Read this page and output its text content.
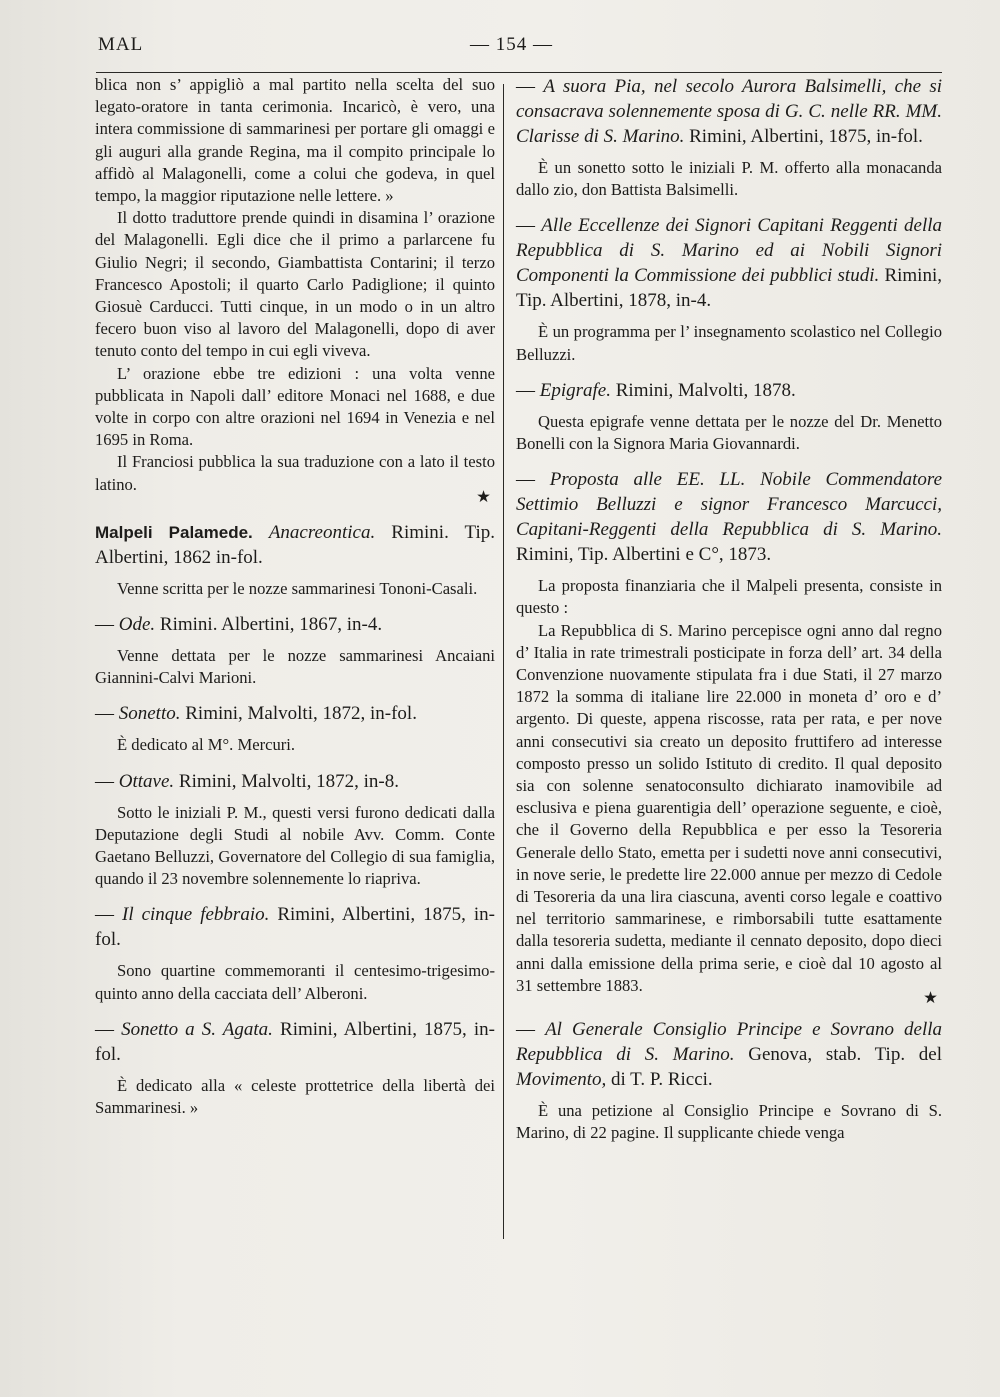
MAL	— 154 —

blica non s’ appigliò a mal partito nella scelta del suo legato-oratore in tanta cerimonia. Incaricò, è vero, una intera commissione di sammarinesi per portare gli omaggi e gli auguri alla grande Regina, ma il compito principale lo affidò al Malagonelli, come a colui che godeva, in quel tempo, la maggior riputazione nelle lettere. »

Il dotto traduttore prende quindi in disamina l’ orazione del Malagonelli. Egli dice che il primo a parlarcene fu Giulio Negri; il secondo, Giambattista Contarini; il terzo Francesco Apostoli; il quarto Carlo Padiglione; il quinto Giosuè Carducci. Tutti cinque, in un modo o in un altro fecero buon viso al lavoro del Malagonelli, dopo di aver tenuto conto del tempo in cui egli viveva.

L’ orazione ebbe tre edizioni : una volta venne pubblicata in Napoli dall’ editore Monaci nel 1688, e due volte in corpo con altre orazioni nel 1694 in Venezia e nel 1695 in Roma.

Il Franciosi pubblica la sua traduzione con a lato il testo latino.

★

Malpeli Palamede. Anacreontica. Rimini. Tip. Albertini, 1862 in-fol.

Venne scritta per le nozze sammarinesi Tononi-Casali.

— Ode. Rimini. Albertini, 1867, in-4.

Venne dettata per le nozze sammarinesi Ancaiani Giannini-Calvi Marioni.

— Sonetto. Rimini, Malvolti, 1872, in-fol.

È dedicato al M°. Mercuri.

— Ottave. Rimini, Malvolti, 1872, in-8.

Sotto le iniziali P. M., questi versi furono dedicati dalla Deputazione degli Studi al nobile Avv. Comm. Conte Gaetano Belluzzi, Governatore del Collegio di sua famiglia, quando il 23 novembre solennemente lo riapriva.

— Il cinque febbraio. Rimini, Albertini, 1875, in-fol.

Sono quartine commemoranti il centesimo-trigesimo-quinto anno della cacciata dell’ Alberoni.

— Sonetto a S. Agata. Rimini, Albertini, 1875, in-fol.

È dedicato alla « celeste prottetrice della libertà dei Sammarinesi. »

— A suora Pia, nel secolo Aurora Balsimelli, che si consacrava solennemente sposa di G. C. nelle RR. MM. Clarisse di S. Marino. Rimini, Albertini, 1875, in-fol.

È un sonetto sotto le iniziali P. M. offerto alla monacanda dallo zio, don Battista Balsimelli.

— Alle Eccellenze dei Signori Capitani Reggenti della Repubblica di S. Marino ed ai Nobili Signori Componenti la Commissione dei pubblici studi. Rimini, Tip. Albertini, 1878, in-4.

È un programma per l’ insegnamento scolastico nel Collegio Belluzzi.

— Epigrafe. Rimini, Malvolti, 1878.

Questa epigrafe venne dettata per le nozze del Dr. Menetto Bonelli con la Signora Maria Giovannardi.

— Proposta alle EE. LL. Nobile Commendatore Settimio Belluzzi e signor Francesco Marcucci, Capitani-Reggenti della Repubblica di S. Marino. Rimini, Tip. Albertini e C°, 1873.

La proposta finanziaria che il Malpeli presenta, consiste in questo :

La Repubblica di S. Marino percepisce ogni anno dal regno d’ Italia in rate trimestrali posticipate in forza dell’ art. 34 della Convenzione nuovamente stipulata fra i due Stati, il 27 marzo 1872 la somma di italiane lire 22.000 in moneta d’ oro e d’ argento. Di queste, appena riscosse, rata per rata, e per nove anni consecutivi sia creato un deposito fruttifero ad interesse composto presso un solido Istituto di credito. Il qual deposito sia con solenne senatoconsulto dichiarato inamovibile ad esclusiva e piena guarentigia dell’ operazione seguente, e cioè, che il Governo della Repubblica e per esso la Tesoreria Generale dello Stato, emetta per i sudetti nove anni consecutivi, in nove serie, le predette lire 22.000 annue per mezzo di Cedole di Tesoreria da una lira ciascuna, aventi corso legale e coattivo nel territorio sammarinese, e rimborsabili tutte esattamente dalla tesoreria sudetta, mediante il cennato deposito, dopo dieci anni dalla emissione della prima serie, e cioè dal 10 agosto al 31 settembre 1883.

★

— Al Generale Consiglio Principe e Sovrano della Repubblica di S. Marino. Genova, stab. Tip. del Movimento, di T. P. Ricci.

È una petizione al Consiglio Principe e Sovrano di S. Marino, di 22 pagine. Il supplicante chiede venga
